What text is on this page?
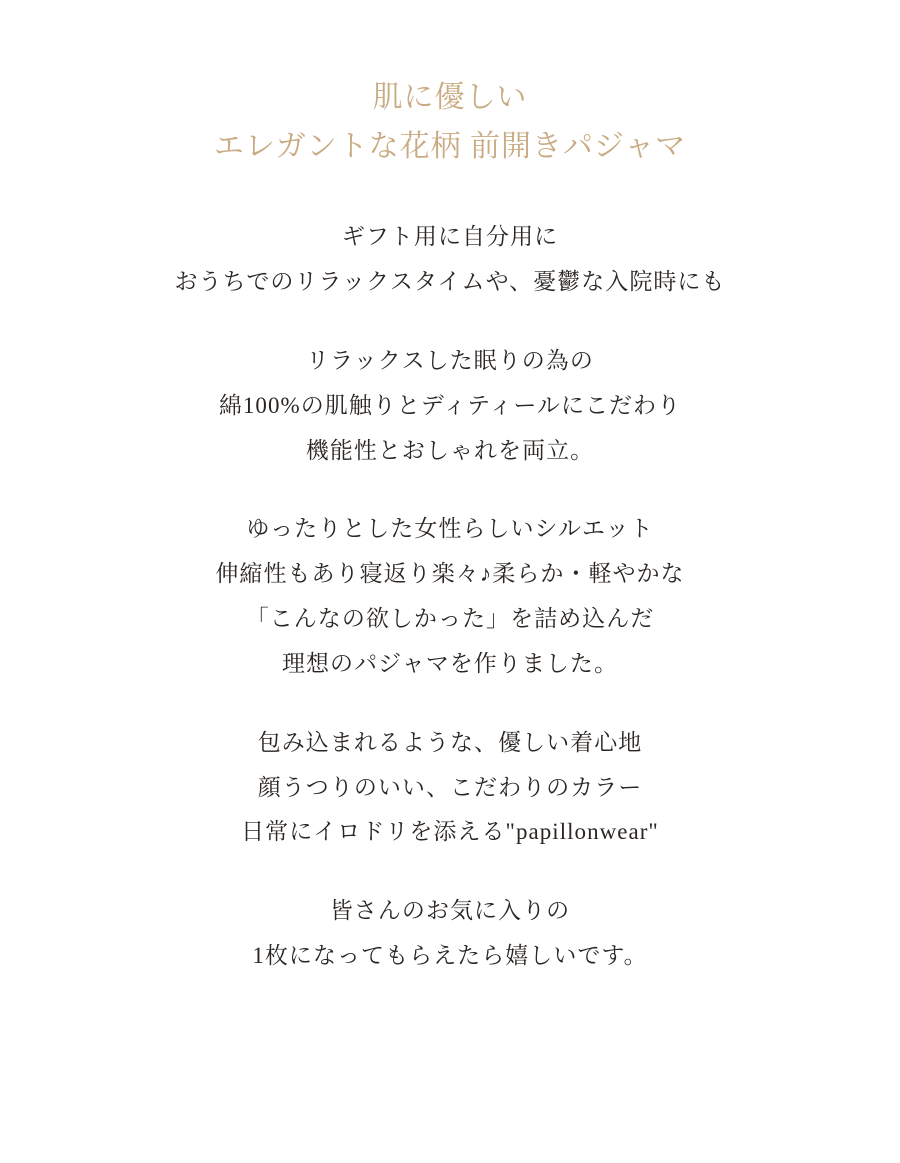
肌に優しい
エレガントな花柄 前開きパジャマ
ギフト用に自分用に
おうちでのリラックスタイムや、憂鬱な入院時にも
リラックスした眠りの為の
綿100%の肌触りとディティールにこだわり
機能性とおしゃれを両立。
ゆったりとした女性らしいシルエット
伸縮性もあり寝返り楽々♪柔らか・軽やかな
「こんなの欲しかった」を詰め込んだ
理想のパジャマを作りました。
包み込まれるような、優しい着心地
顔うつりのいい、こだわりのカラー
日常にイロドリを添える"papillonwear"
皆さんのお気に入りの
1枚になってもらえたら嬉しいです。
